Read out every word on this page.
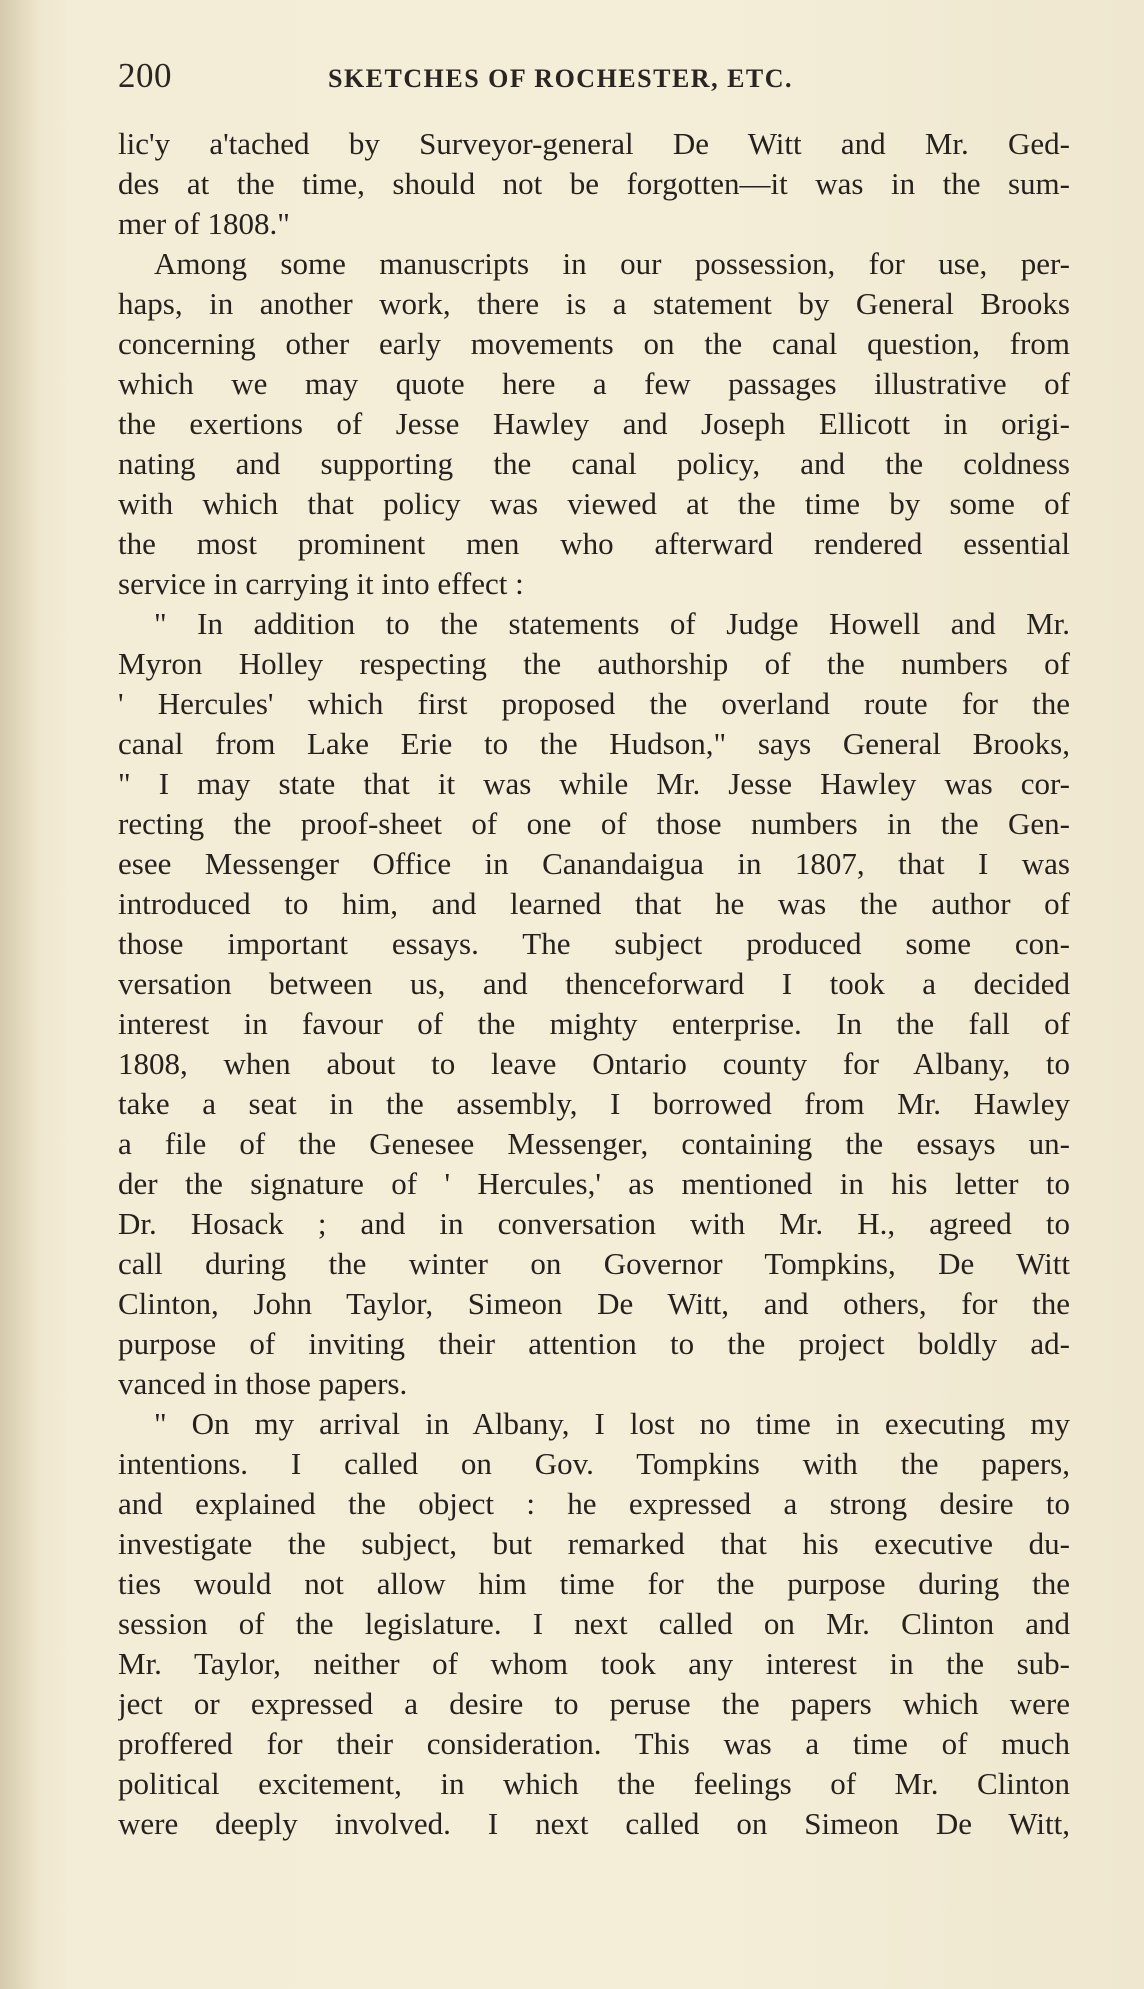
200	SKETCHES OF ROCHESTER, ETC.
lic'y a'tached by Surveyor-general De Witt and Mr. Ged-
des at the time, should not be forgotten—it was in the sum-
mer of 1808."
Among some manuscripts in our possession, for use, per-
haps, in another work, there is a statement by General Brooks
concerning other early movements on the canal question, from
which we may quote here a few passages illustrative of
the exertions of Jesse Hawley and Joseph Ellicott in origi-
nating and supporting the canal policy, and the coldness
with which that policy was viewed at the time by some of
the most prominent men who afterward rendered essential
service in carrying it into effect :
" In addition to the statements of Judge Howell and Mr.
Myron Holley respecting the authorship of the numbers of
' Hercules' which first proposed the overland route for the
canal from Lake Erie to the Hudson," says General Brooks,
" I may state that it was while Mr. Jesse Hawley was cor-
recting the proof-sheet of one of those numbers in the Gen-
esee Messenger Office in Canandaigua in 1807, that I was
introduced to him, and learned that he was the author of
those important essays. The subject produced some con-
versation between us, and thenceforward I took a decided
interest in favour of the mighty enterprise. In the fall of
1808, when about to leave Ontario county for Albany, to
take a seat in the assembly, I borrowed from Mr. Hawley
a file of the Genesee Messenger, containing the essays un-
der the signature of ' Hercules,' as mentioned in his letter to
Dr. Hosack ; and in conversation with Mr. H., agreed to
call during the winter on Governor Tompkins, De Witt
Clinton, John Taylor, Simeon De Witt, and others, for the
purpose of inviting their attention to the project boldly ad-
vanced in those papers.
" On my arrival in Albany, I lost no time in executing my
intentions. I called on Gov. Tompkins with the papers,
and explained the object : he expressed a strong desire to
investigate the subject, but remarked that his executive du-
ties would not allow him time for the purpose during the
session of the legislature. I next called on Mr. Clinton and
Mr. Taylor, neither of whom took any interest in the sub-
ject or expressed a desire to peruse the papers which were
proffered for their consideration. This was a time of much
political excitement, in which the feelings of Mr. Clinton
were deeply involved. I next called on Simeon De Witt,
